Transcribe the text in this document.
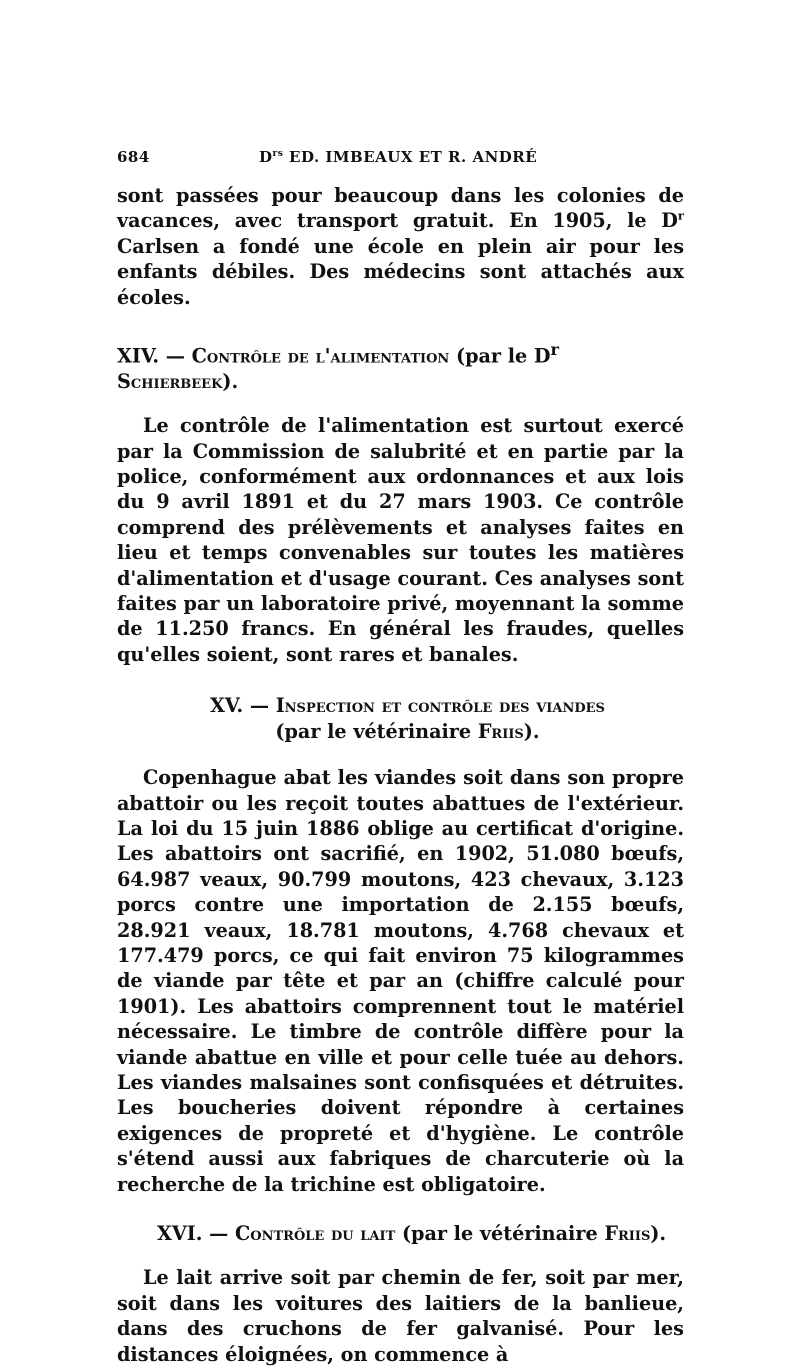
684	$D^{rs}$ ED. IMBEAUX ET R. ANDRÉ

sont passées pour beaucoup dans les colonies de vacances, avec transport gratuit. En 1905, le $D^r$ Carlsen a fondé une école en plein air pour les enfants débiles. Des médecins sont attachés aux écoles.

XIV. — Contrôle de l'alimentation (par le $D^r$ Schierbeek).

Le contrôle de l'alimentation est surtout exercé par la Commission de salubrité et en partie par la police, conformément aux ordonnances et aux lois du 9 avril 1891 et du 27 mars 1903. Ce contrôle comprend des prélèvements et analyses faites en lieu et temps convenables sur toutes les matières d'alimentation et d'usage courant. Ces analyses sont faites par un laboratoire privé, moyennant la somme de 11.250 francs. En général les fraudes, quelles qu'elles soient, sont rares et banales.

XV. — Inspection et contrôle des viandes
(par le vétérinaire Friis).

Copenhague abat les viandes soit dans son propre abattoir ou les reçoit toutes abattues de l'extérieur. La loi du 15 juin 1886 oblige au certificat d'origine. Les abattoirs ont sacrifié, en 1902, 51.080 bœufs, 64.987 veaux, 90.799 moutons, 423 chevaux, 3.123 porcs contre une importation de 2.155 bœufs, 28.921 veaux, 18.781 moutons, 4.768 chevaux et 177.479 porcs, ce qui fait environ 75 kilogrammes de viande par tête et par an (chiffre calculé pour 1901). Les abattoirs comprennent tout le matériel nécessaire. Le timbre de contrôle diffère pour la viande abattue en ville et pour celle tuée au dehors. Les viandes malsaines sont confisquées et détruites. Les boucheries doivent répondre à certaines exigences de propreté et d'hygiène. Le contrôle s'étend aussi aux fabriques de charcuterie où la recherche de la trichine est obligatoire.

XVI. — Contrôle du lait (par le vétérinaire Friis).

Le lait arrive soit par chemin de fer, soit par mer, soit dans les voitures des laitiers de la banlieue, dans des cruchons de fer galvanisé. Pour les distances éloignées, on commence à
